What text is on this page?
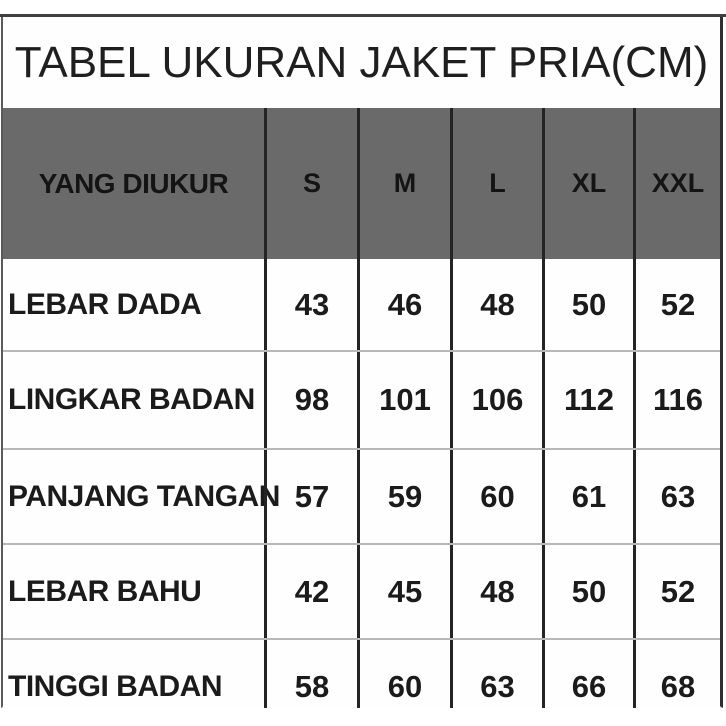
TABEL UKURAN JAKET PRIA(CM)
YANG DIUKUR	S	M	L	XL	XXL
LEBAR DADA	43	46	48	50	52
LINGKAR BADAN	98	101	106	112	116
PANJANG TANGAN 57	59	60	61	63
LEBAR BAHU	42	45	48	50	52
TINGGI BADAN	58	60	63	66	68
